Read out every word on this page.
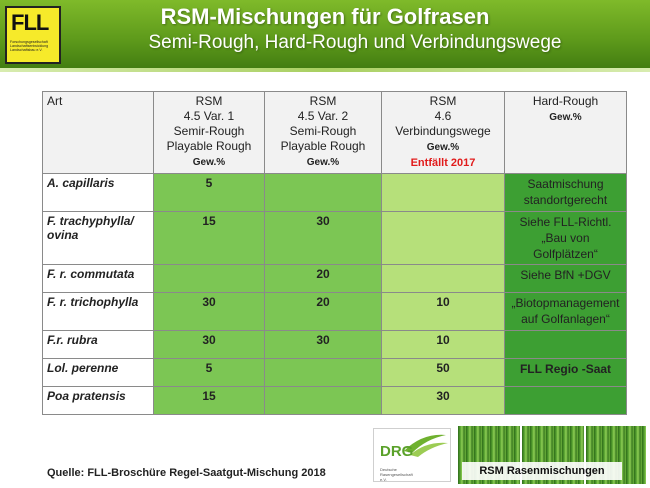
FLL
Forschungsgesellschaft Landschaftsentwicklung Landschaftsbau e.V.
RSM-Mischungen für Golfrasen
Semi-Rough, Hard-Rough und Verbindungswege
Art	RSM
4.5 Var. 1
Semir-Rough
Playable Rough
Gew.%	RSM
4.5 Var. 2
Semi-Rough
Playable Rough
Gew.%	RSM
4.6
Verbindungswege
Gew.%
Entfällt 2017	Hard-Rough
Gew.%
A. capillaris	5			Saatmischung standortgerecht
F. trachyphylla/ ovina	15	30		Siehe FLL-Richtl. „Bau von Golfplätzen“
F. r. commutata		20		Siehe BfN +DGV
F. r. trichophylla	30	20	10	„Biotopmanagement auf Golfanlagen“
F.r. rubra	30	30	10	
Lol. perenne	5		50	FLL Regio -Saat
Poa pratensis	15		30	
Quelle: FLL-Broschüre Regel-Saatgut-Mischung 2018
DRG
Deutsche Rasengesellschaft e.V.
RSM Rasenmischungen
